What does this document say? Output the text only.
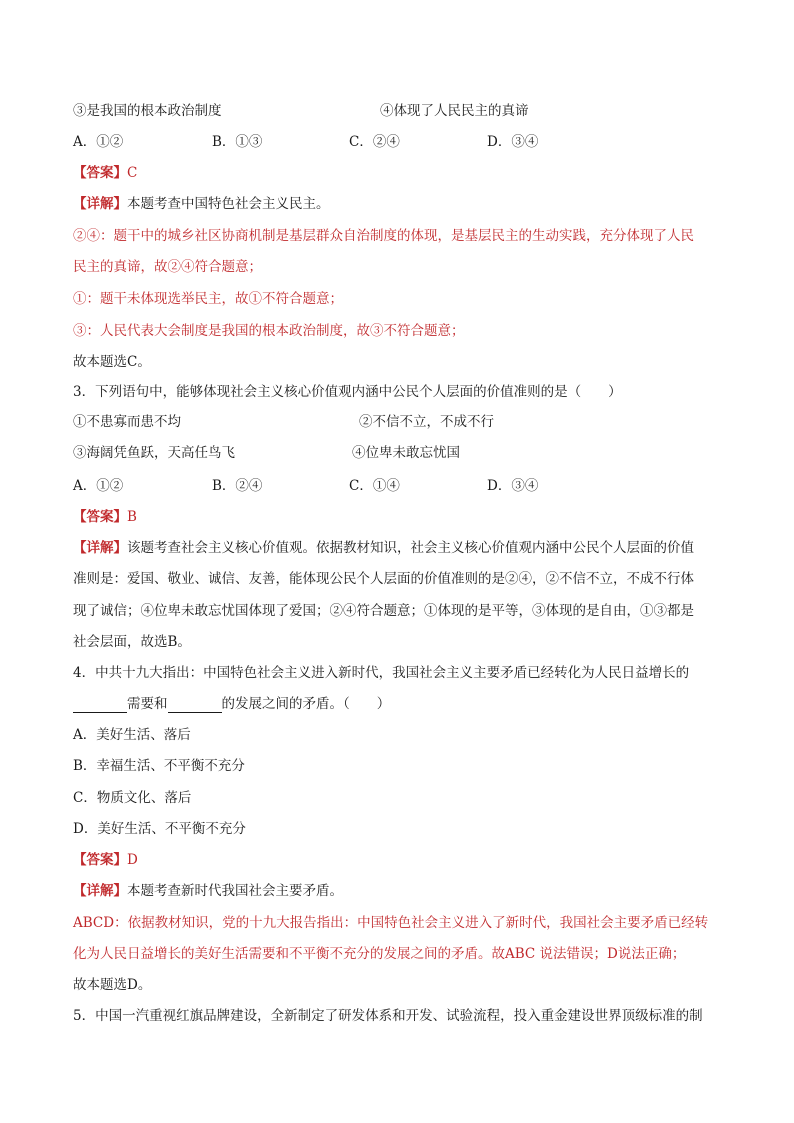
③是我国的根本政治制度	④体现了人民民主的真谛
A．①②	B．①③	C．②④	D．③④
【答案】C
【详解】本题考查中国特色社会主义民主。
②④：题干中的城乡社区协商机制是基层群众自治制度的体现，是基层民主的生动实践，充分体现了人民
民主的真谛，故②④符合题意；
①：题干未体现选举民主，故①不符合题意；
③：人民代表大会制度是我国的根本政治制度，故③不符合题意；
故本题选C。
3．下列语句中，能够体现社会主义核心价值观内涵中公民个人层面的价值准则的是（　　）
①不患寡而患不均	②不信不立，不成不行
③海阔凭鱼跃，天高任鸟飞	④位卑未敢忘忧国
A．①②	B．②④	C．①④	D．③④
【答案】B
【详解】该题考查社会主义核心价值观。依据教材知识，社会主义核心价值观内涵中公民个人层面的价值
准则是：爱国、敬业、诚信、友善，能体现公民个人层面的价值准则的是②④，②不信不立，不成不行体
现了诚信；④位卑未敢忘忧国体现了爱国；②④符合题意；①体现的是平等，③体现的是自由，①③都是
社会层面，故选B。
4．中共十九大指出：中国特色社会主义进入新时代，我国社会主义主要矛盾已经转化为人民日益增长的
需要和	的发展之间的矛盾。（　　）
A．美好生活、落后
B．幸福生活、不平衡不充分
C．物质文化、落后
D．美好生活、不平衡不充分
【答案】D
【详解】本题考查新时代我国社会主要矛盾。
ABCD：依据教材知识，党的十九大报告指出：中国特色社会主义进入了新时代，我国社会主要矛盾已经转
化为人民日益增长的美好生活需要和不平衡不充分的发展之间的矛盾。故ABC 说法错误；D说法正确；
故本题选D。
5．中国一汽重视红旗品牌建设，全新制定了研发体系和开发、试验流程，投入重金建设世界顶级标准的制
